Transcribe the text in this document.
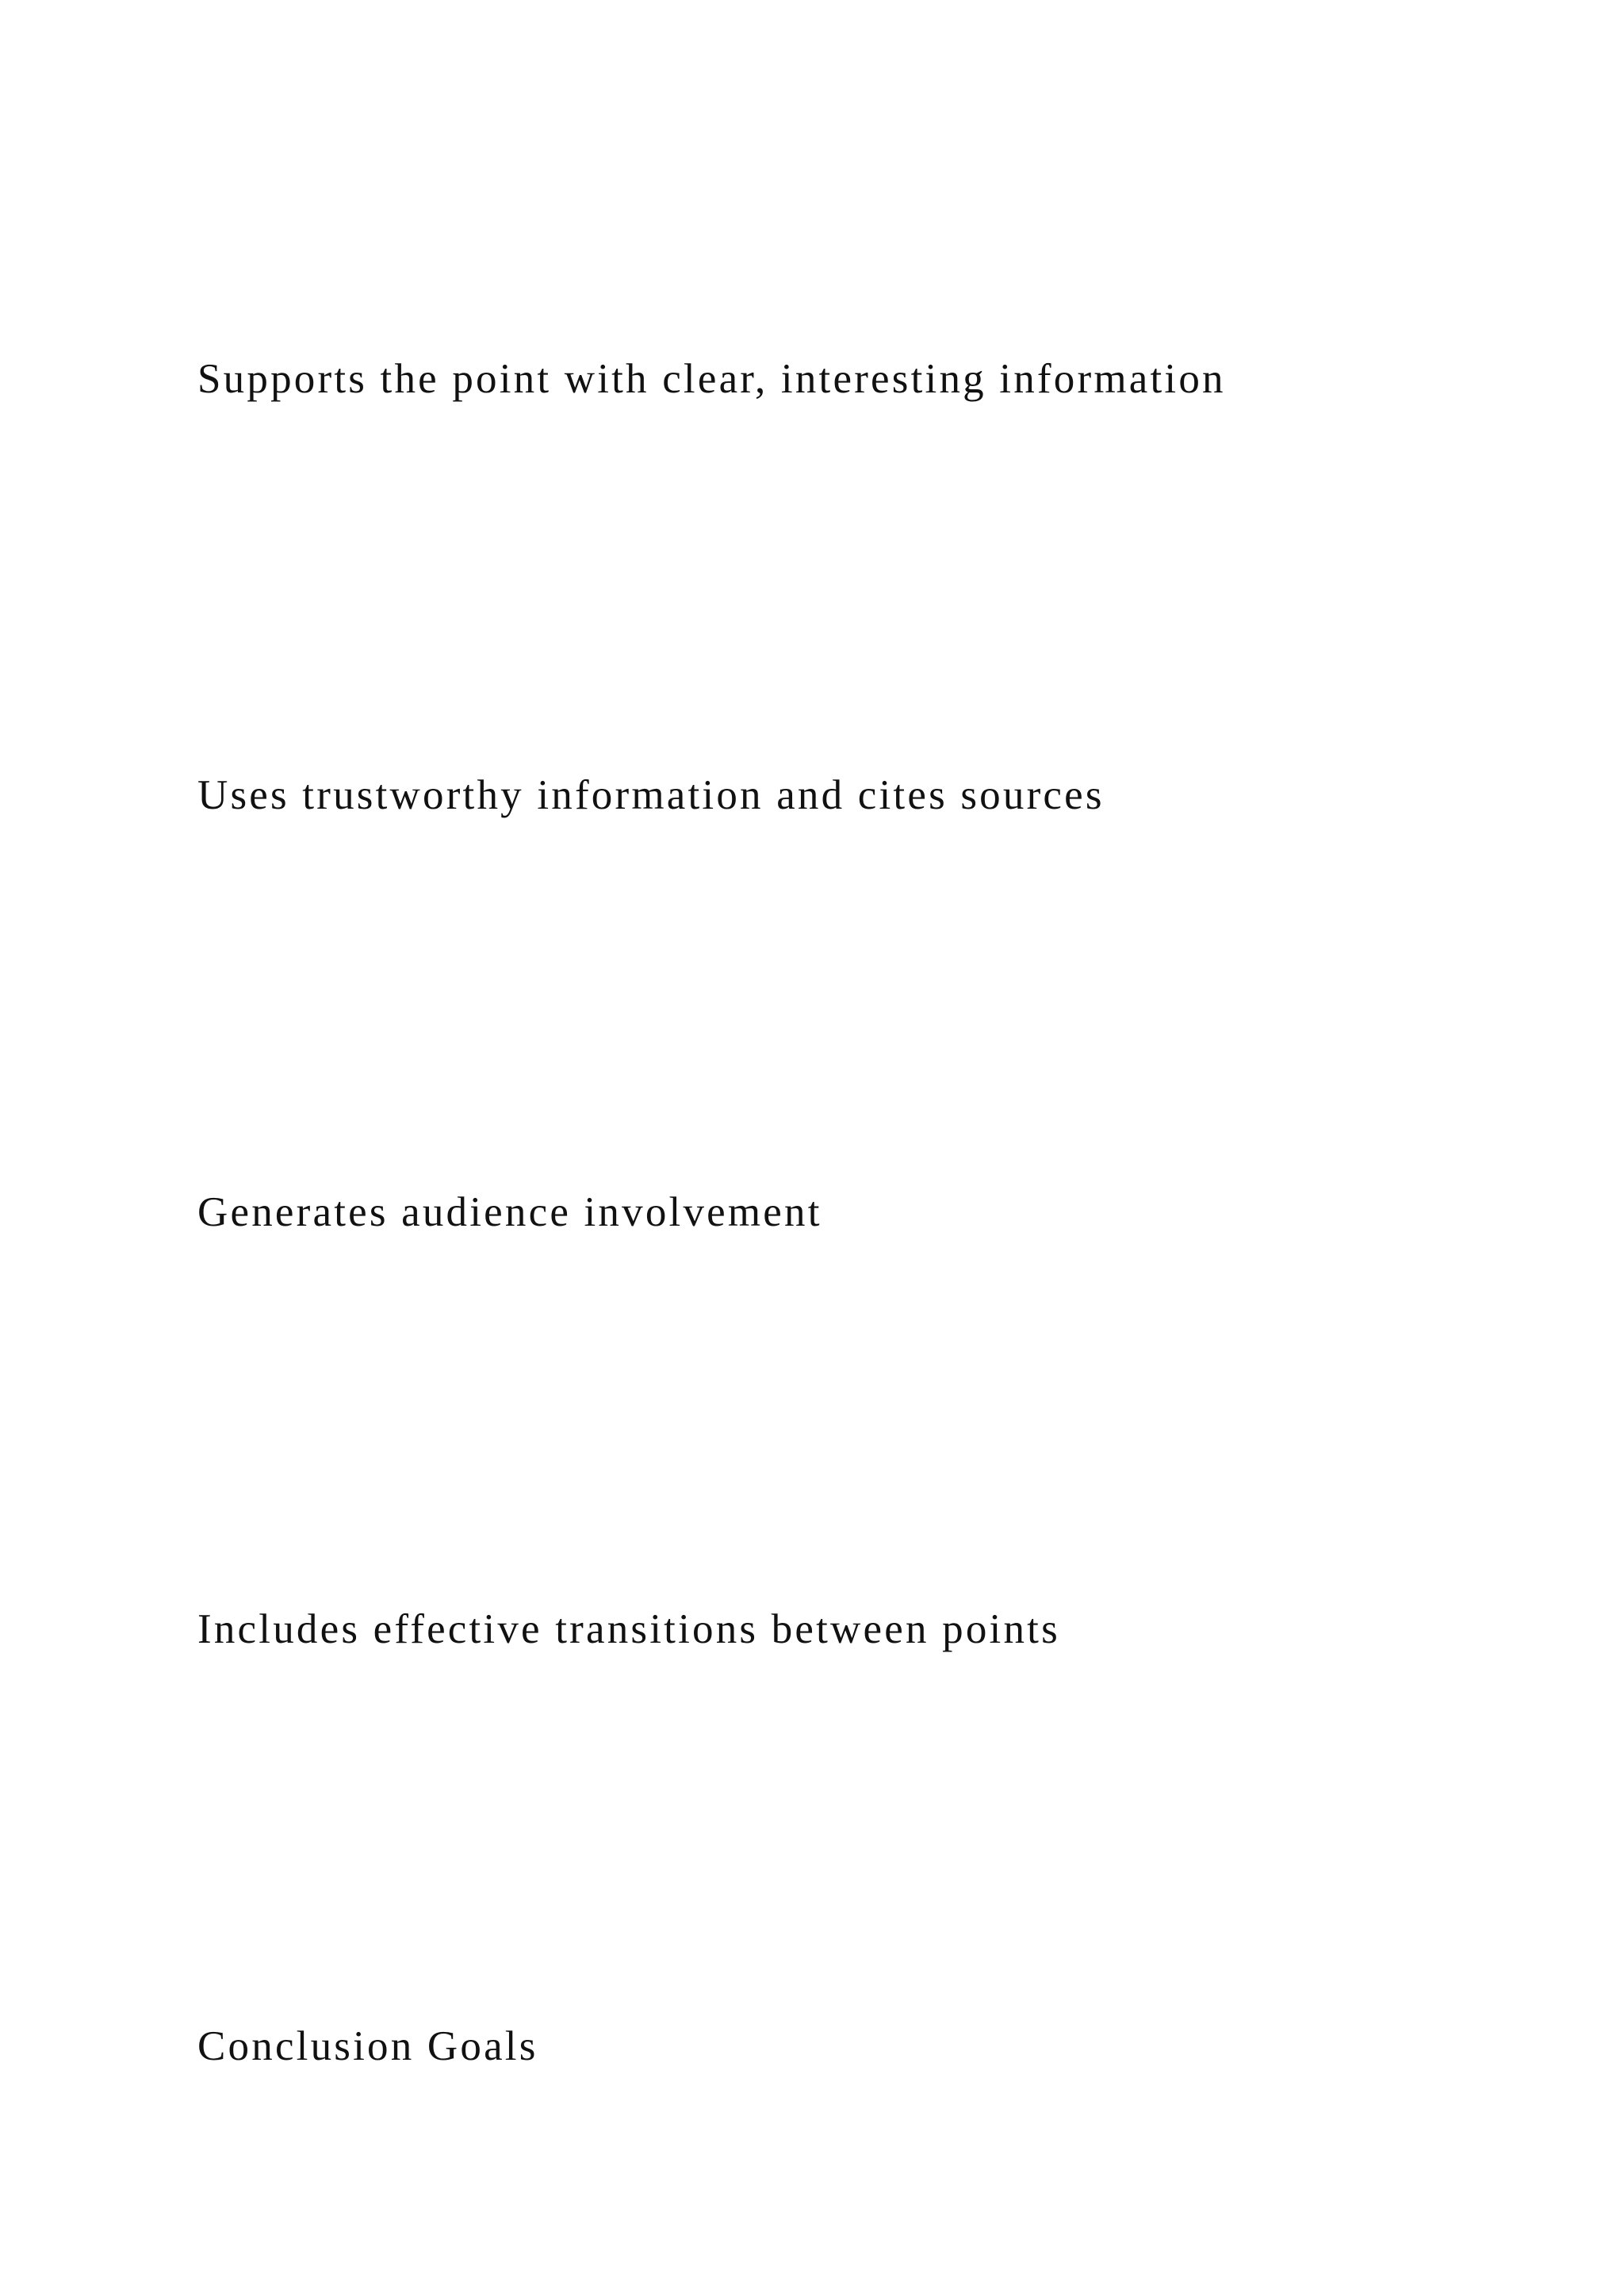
Supports the point with clear, interesting information

Uses trustworthy information and cites sources

Generates audience involvement

Includes effective transitions between points

Conclusion Goals
